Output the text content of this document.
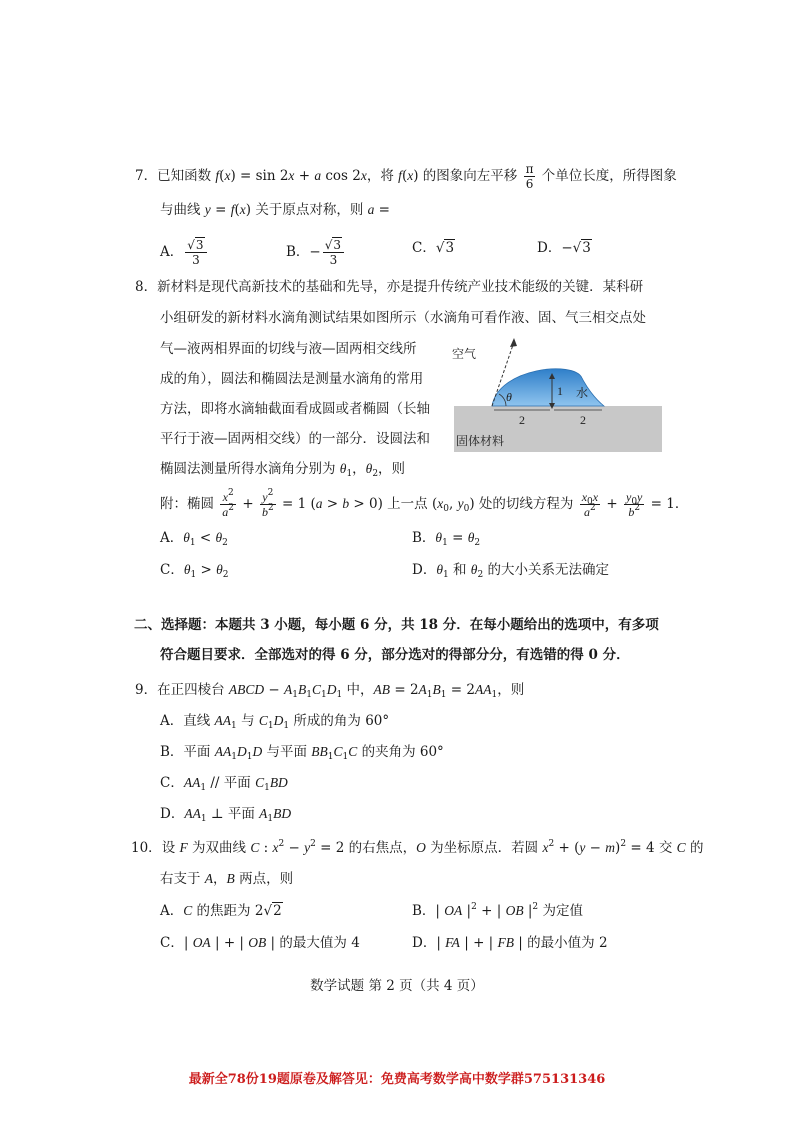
7．已知函数 f(x) = sin 2x + a cos 2x，将 f(x) 的图象向左平移 $\frac{\pi}{6}$ 个单位长度，所得图象
与曲线 y = f(x) 关于原点对称，则 a =
A． $\frac{√3}{3}$	B．− $\frac{√3}{3}$	C．√3	D．−√3
8．新材料是现代高新技术的基础和先导，亦是提升传统产业技术能级的关键．某科研
小组研发的新材料水滴角测试结果如图所示（水滴角可看作液、固、气三相交点处
气—液两相界面的切线与液—固两相交线所
成的角），圆法和椭圆法是测量水滴角的常用
方法，即将水滴轴截面看成圆或者椭圆（长轴
平行于液—固两相交线）的一部分．设圆法和
椭圆法测量所得水滴角分别为 $\theta_1$，$\theta_2$，则
空气
水
固体材料
θ	1
2	2
附：椭圆 $\frac{x^2}{a^2} + \frac{y^2}{b^2} = 1$ (a > b > 0) 上一点 ($x_0$, $y_0$) 处的切线方程为 $\frac{x_0x}{a^2} + \frac{y_0y}{b^2} = 1$．
A．$\theta_1 < \theta_2$	B．$\theta_1 = \theta_2$
C．$\theta_1 > \theta_2$	D．$\theta_1$ 和 $\theta_2$ 的大小关系无法确定
二、选择题：本题共 3 小题，每小题 6 分，共 18 分．在每小题给出的选项中，有多项
符合题目要求．全部选对的得 6 分，部分选对的得部分分，有选错的得 0 分．
9．在正四棱台 ABCD − $A_1B_1C_1D_1$ 中，AB = $2A_1B_1 = 2AA_1$，则
A．直线 $AA_1$ 与 $C_1D_1$ 所成的角为 60°
B．平面 $AA_1D_1D$ 与平面 $BB_1C_1C$ 的夹角为 60°
C．$AA_1$ // 平面 $C_1BD$
D．$AA_1$ ⊥ 平面 $A_1BD$
10．设 F 为双曲线 C : $x^2 - y^2 = 2$ 的右焦点，O 为坐标原点．若圆 $x^2 + (y - m)^2 = 4$ 交 C 的
右支于 A，B 两点，则
A．C 的焦距为 2√2	B．| OA $|^2$ + | OB $|^2$ 为定值
C．| OA | + | OB | 的最大值为 4	D．| FA | + | FB | 的最小值为 2
数学试题 第 2 页（共 4 页）
最新全78份19题原卷及解答见：免费高考数学高中数学群575131346
